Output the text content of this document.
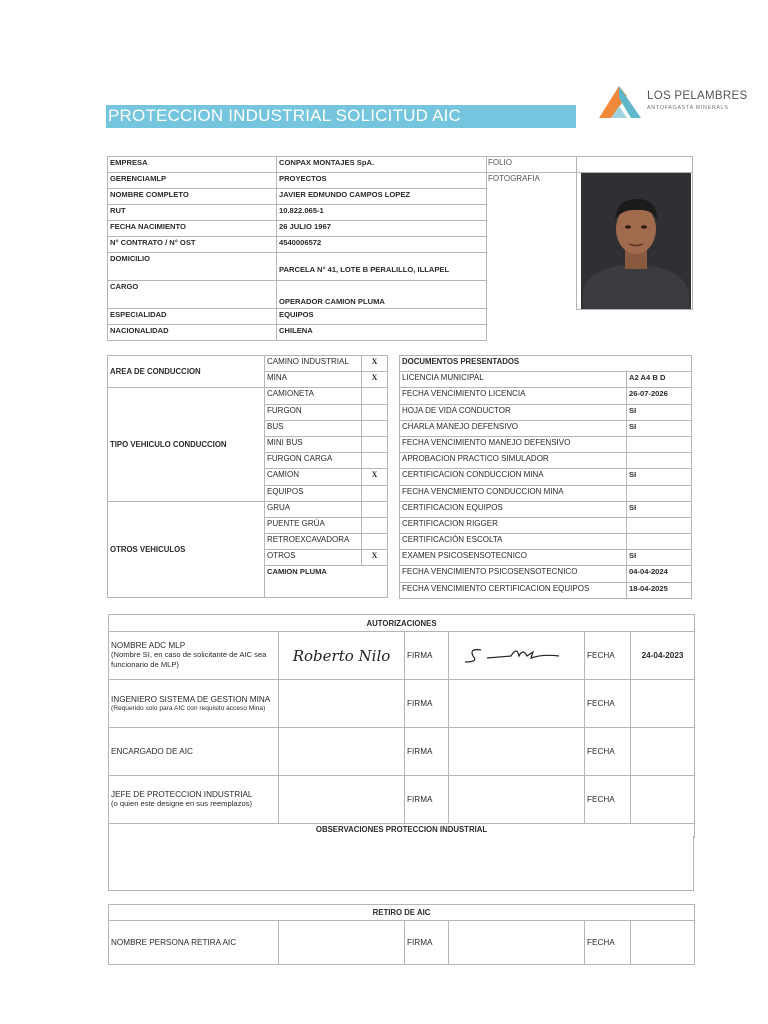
PROTECCION INDUSTRIAL SOLICITUD AIC
LOS PELAMBRES
ANTOFAGASTA MINERALS
EMPRESA	CONPAX MONTAJES SpA.
GERENCIAMLP	PROYECTOS
NOMBRE COMPLETO	JAVIER EDMUNDO CAMPOS LOPEZ
RUT	10.822.065-1
FECHA NACIMIENTO	26 JULIO 1967
N° CONTRATO / N° OST	4540006572
DOMICILIO	PARCELA N° 41, LOTE B PERALILLO, ILLAPEL
CARGO	OPERADOR CAMION PLUMA
ESPECIALIDAD	EQUIPOS
NACIONALIDAD	CHILENA
FOLIO	
FOTOGRAFIA	
AREA DE CONDUCCION	CAMINO INDUSTRIAL	X
	MINA	X
TIPO VEHICULO CONDUCCION	CAMIONETA	
	FURGON	
	BUS	
	MINI BUS	
	FURGON CARGA	
	CAMION	X
	EQUIPOS	
OTROS VEHICULOS	GRUA	
	PUENTE GRÚA	
	RETROEXCAVADORA	
	OTROS	X
	CAMION PLUMA	

DOCUMENTOS PRESENTADOS	
LICENCIA MUNICIPAL	A2 A4 B D
FECHA VENCIMIENTO LICENCIA	26-07-2026
HOJA DE VIDA CONDUCTOR	SI
CHARLA MANEJO DEFENSIVO	SI
FECHA VENCIMIENTO MANEJO DEFENSIVO	
APROBACION PRACTICO SIMULADOR	
CERTIFICACION CONDUCCION MINA	SI
FECHA VENCMIENTO CONDUCCION MINA	
CERTIFICACION EQUIPOS	SI
CERTIFICACION RIGGER	
CERTIFICACIÓN ESCOLTA	
EXAMEN PSICOSENSOTECNICO	SI
FECHA VENCIMIENTO PSICOSENSOTECNICO	04-04-2024
FECHA VENCIMIENTO CERTIFICACION EQUIPOS	18-04-2025
AUTORIZACIONES					
NOMBRE ADC MLP
(Nombre SI, en caso de solicitante de AIC sea funcionario de MLP)	Roberto Nilo	FIRMA		FECHA	24-04-2023
INGENIERO SISTEMA DE GESTION MINA
(Requerido solo para AIC con requisito acceso Mina)		FIRMA		FECHA	
ENCARGADO DE AIC		FIRMA		FECHA	
JEFE DE PROTECCION INDUSTRIAL
(o quien este designe en sus reemplazos)		FIRMA		FECHA	
OBSERVACIONES PROTECCION INDUSTRIAL					
RETIRO DE AIC
NOMBRE PERSONA RETIRA AIC		FIRMA		FECHA	
